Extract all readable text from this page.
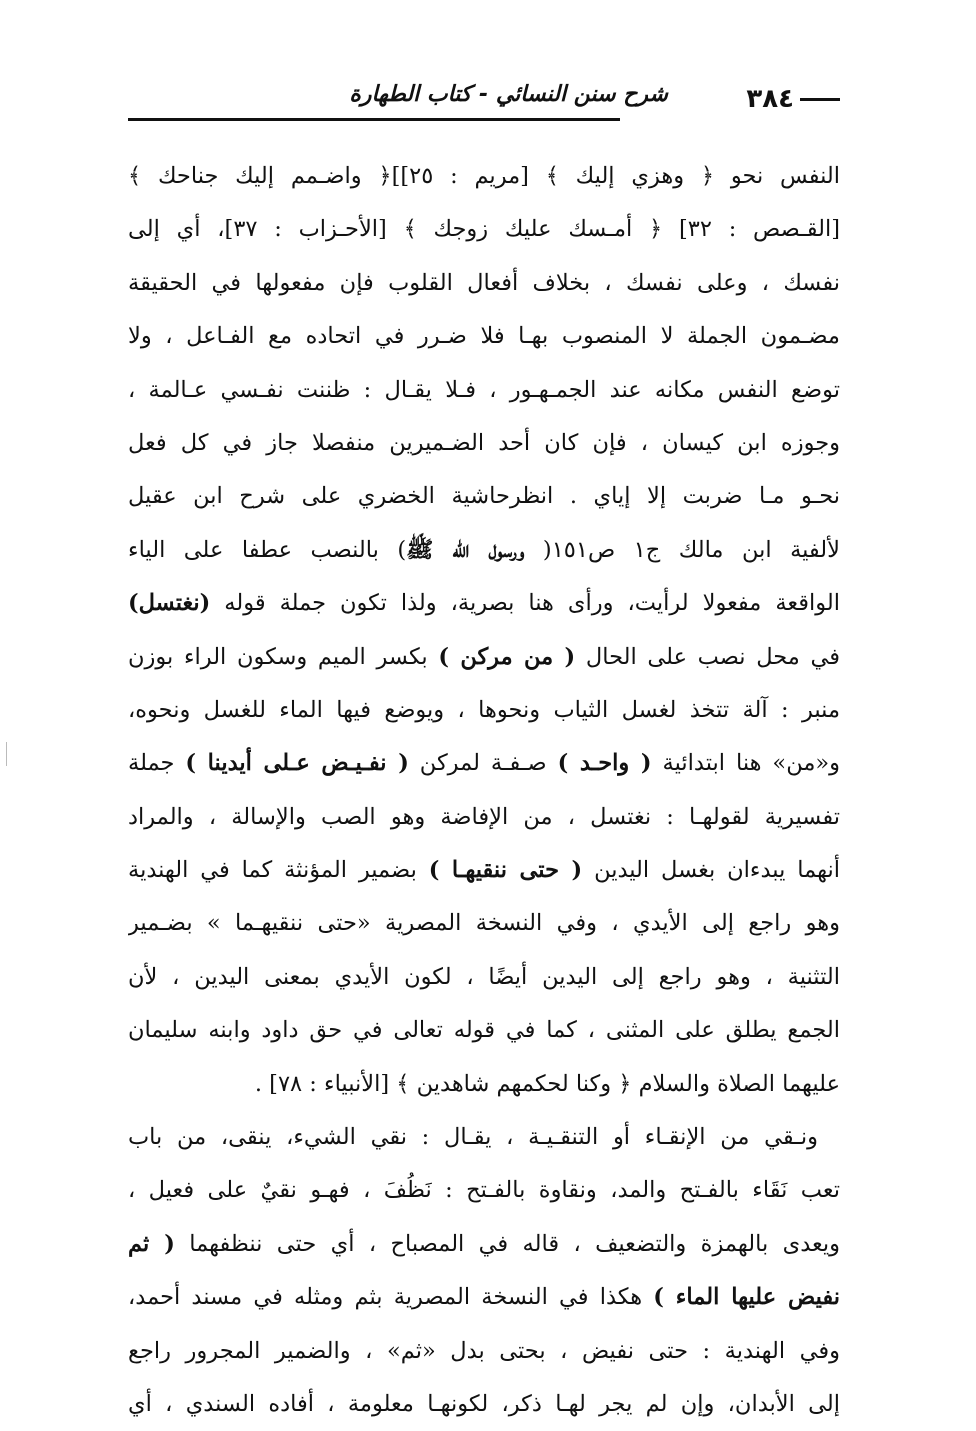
شرح سنن النسائي - كتاب الطهارة	٣٨٤
النفس نحو ﴿ وهزي إليك ﴾ [مريم : ٢٥]]﴿ واضـمم إليك جناحك ﴾
[القـصص : ٣٢] ﴿ أمـسك عليك زوجك ﴾ [الأحـزاب : ٣٧]، أي إلى
نفسك ، وعلى نفسك ، بخلاف أفعال القلوب فإن مفعولها في الحقيقة
مضـمون الجملة لا المنصوب بهـا فلا ضـرر في اتحاده مع الفـاعل ، ولا
توضع النفس مكانه عند الجمـهـور ، فـلا يقـال : ظننت نفـسي عـالمة ،
وجوزه ابن كيسان ، فإن كان أحد الضـميرين منفصلا جاز في كل فعل
نحـو مـا ضربت إلا إياي . انظرحاشية الخضري على شرح ابن عقيل
لألفية ابن مالك ج١ ص١٥١( ورسول الله ﷺ) بالنصب عطفا على الياء
الواقعة مفعولا لرأيت، ورأى هنا بصرية، ولذا تكون جملة قوله (نغتسل)
في محل نصب على الحال ( من مركن ) بكسر الميم وسكون الراء بوزن
منبر : آلة تتخذ لغسل الثياب ونحوها ، ويوضع فيها الماء للغسل ونحوه،
و«من» هنا ابتدائية ( واحـد ) صـفـة لمركن ( نفـيـض عـلى أيدينا ) جملة
تفسيرية لقولهـا : نغتسل ، من الإفاضة وهو الصب والإسالة ، والمراد
أنهما يبدءان بغسل اليدين ( حتى ننقيهـا ) بضمير المؤنثة كما في الهندية
وهو راجع إلى الأيدي ، وفي النسخة المصرية «حتى ننقيهـما » بضـمير
التثنية ، وهو راجع إلى اليدين أيضًا ، لكون الأيدي بمعنى اليدين ، لأن
الجمع يطلق على المثنى ، كما في قوله تعالى في حق داود وابنه سليمان
عليهما الصلاة والسلام ﴿ وكنا لحكمهم شاهدين ﴾ [الأنبياء : ٧٨] .
ونـقي من الإنقـاء أو التنقـيـة ، يقـال : نقي الشيء، ينقى، من باب
تعب نَقَاء بالفـتح والمد، ونقاوة بالفـتح : نَظُفَ ، فهـو نقيٌ على فعيل ،
ويعدى بالهمزة والتضعيف ، قاله في المصباح ، أي حتى ننظفهما ( ثم
نفيض عليها الماء ) هكذا في النسخة المصرية بثم ومثله في مسند أحمد،
وفي الهندية : حتى نفيض ، بحتى بدل «ثم» ، والضمير المجرور راجع
إلى الأبدان، وإن لم يجر لهـا ذكر، لكونهـا معلومة ، أفاده السندي ، أي
